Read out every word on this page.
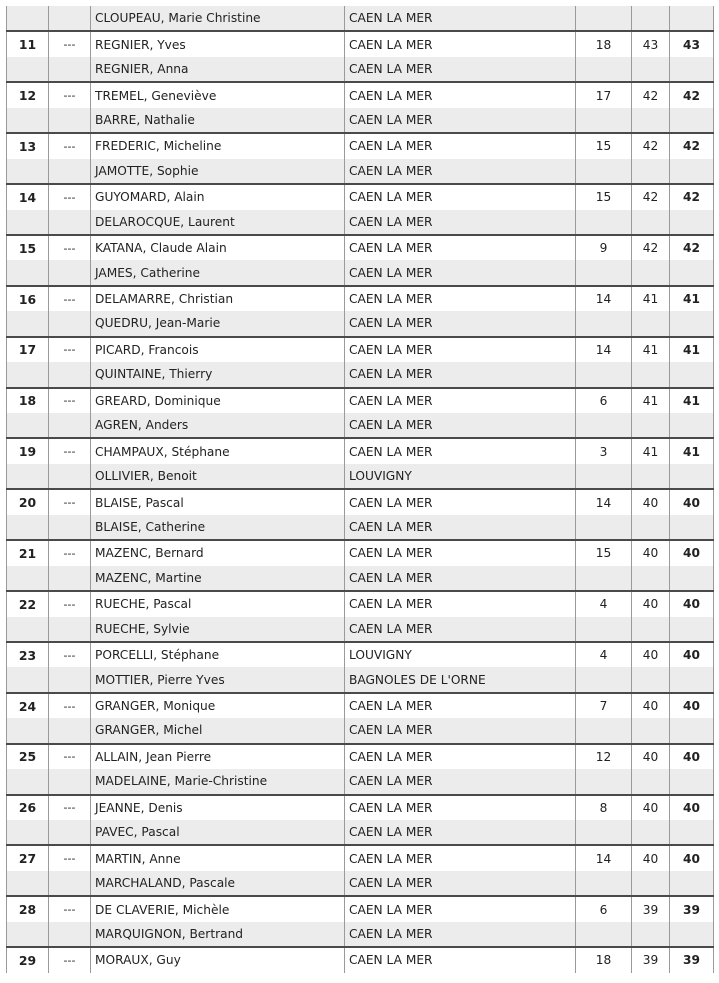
		CLOUPEAU, Marie Christine	CAEN LA MER			
11	---	REGNIER, Yves	CAEN LA MER	18	43	43
		REGNIER, Anna	CAEN LA MER			
12	---	TREMEL, Geneviève	CAEN LA MER	17	42	42
		BARRE, Nathalie	CAEN LA MER			
13	---	FREDERIC, Micheline	CAEN LA MER	15	42	42
		JAMOTTE, Sophie	CAEN LA MER			
14	---	GUYOMARD, Alain	CAEN LA MER	15	42	42
		DELAROCQUE, Laurent	CAEN LA MER			
15	---	KATANA, Claude Alain	CAEN LA MER	9	42	42
		JAMES, Catherine	CAEN LA MER			
16	---	DELAMARRE, Christian	CAEN LA MER	14	41	41
		QUEDRU, Jean-Marie	CAEN LA MER			
17	---	PICARD, Francois	CAEN LA MER	14	41	41
		QUINTAINE, Thierry	CAEN LA MER			
18	---	GREARD, Dominique	CAEN LA MER	6	41	41
		AGREN, Anders	CAEN LA MER			
19	---	CHAMPAUX, Stéphane	CAEN LA MER	3	41	41
		OLLIVIER, Benoit	LOUVIGNY			
20	---	BLAISE, Pascal	CAEN LA MER	14	40	40
		BLAISE, Catherine	CAEN LA MER			
21	---	MAZENC, Bernard	CAEN LA MER	15	40	40
		MAZENC, Martine	CAEN LA MER			
22	---	RUECHE, Pascal	CAEN LA MER	4	40	40
		RUECHE, Sylvie	CAEN LA MER			
23	---	PORCELLI, Stéphane	LOUVIGNY	4	40	40
		MOTTIER, Pierre Yves	BAGNOLES DE L'ORNE			
24	---	GRANGER, Monique	CAEN LA MER	7	40	40
		GRANGER, Michel	CAEN LA MER			
25	---	ALLAIN, Jean Pierre	CAEN LA MER	12	40	40
		MADELAINE, Marie-Christine	CAEN LA MER			
26	---	JEANNE, Denis	CAEN LA MER	8	40	40
		PAVEC, Pascal	CAEN LA MER			
27	---	MARTIN, Anne	CAEN LA MER	14	40	40
		MARCHALAND, Pascale	CAEN LA MER			
28	---	DE CLAVERIE, Michèle	CAEN LA MER	6	39	39
		MARQUIGNON, Bertrand	CAEN LA MER			
29	---	MORAUX, Guy	CAEN LA MER	18	39	39
